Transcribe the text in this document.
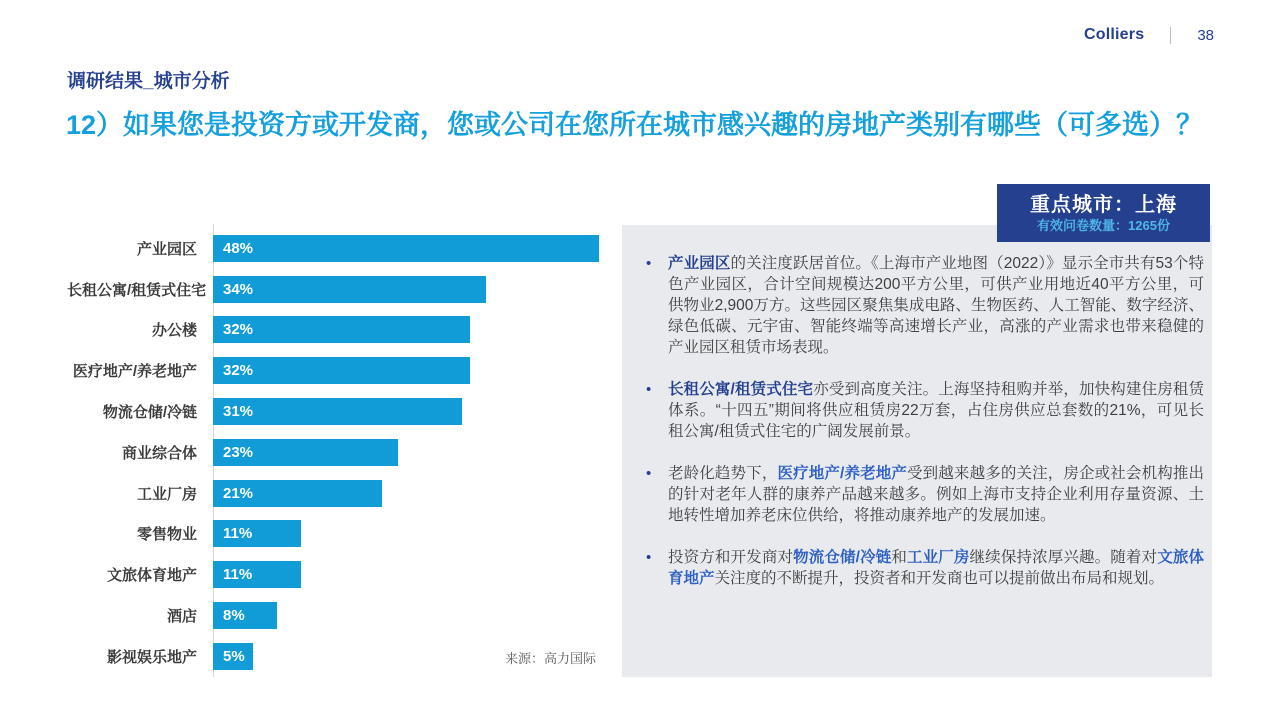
Colliers	38
调研结果_城市分析
12）如果您是投资方或开发商，您或公司在您所在城市感兴趣的房地产类别有哪些（可多选）？
重点城市：上海
有效问卷数量：1265份
产业园区	48%
长租公寓/租赁式住宅	34%
办公楼	32%
医疗地产/养老地产	32%
物流仓储/冷链	31%
商业综合体	23%
工业厂房	21%
零售物业	11%
文旅体育地产	11%
酒店	8%
影视娱乐地产	5%	来源：高力国际
• 产业园区的关注度跃居首位。《上海市产业地图（2022）》显示全市共有53个特色产业园区，合计空间规模达200平方公里，可供产业用地近40平方公里，可供物业2,900万方。这些园区聚焦集成电路、生物医药、人工智能、数字经济、绿色低碳、元宇宙、智能终端等高速增长产业，高涨的产业需求也带来稳健的产业园区租赁市场表现。
• 长租公寓/租赁式住宅亦受到高度关注。上海坚持租购并举，加快构建住房租赁体系。“十四五”期间将供应租赁房22万套，占住房供应总套数的21%，可见长租公寓/租赁式住宅的广阔发展前景。
• 老龄化趋势下，医疗地产/养老地产受到越来越多的关注，房企或社会机构推出的针对老年人群的康养产品越来越多。例如上海市支持企业利用存量资源、土地转性增加养老床位供给，将推动康养地产的发展加速。
• 投资方和开发商对物流仓储/冷链和工业厂房继续保持浓厚兴趣。随着对文旅体育地产关注度的不断提升，投资者和开发商也可以提前做出布局和规划。
